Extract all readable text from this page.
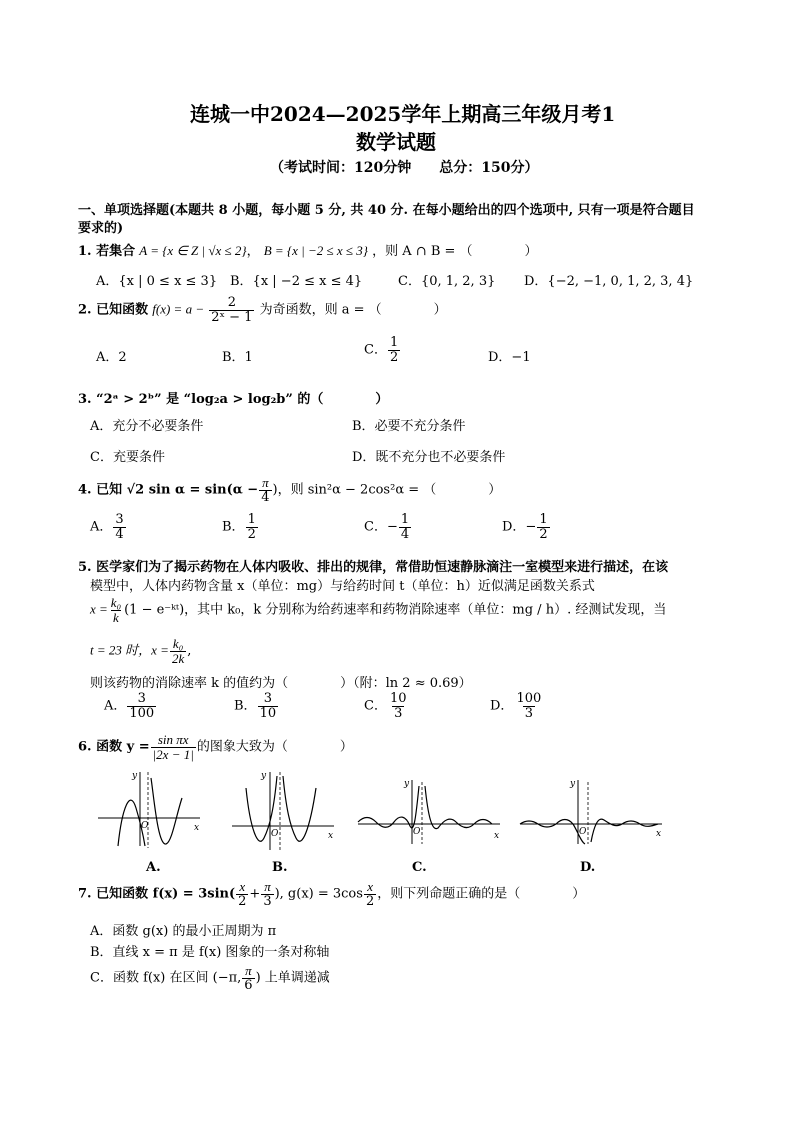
连城一中2024—2025学年上期高三年级月考1
数学试题
（考试时间：120分钟　　总分：150分）
一、单项选择题(本题共 8 小题，每小题 5 分, 共 40 分. 在每小题给出的四个选项中, 只有一项是符合题目
要求的)
1. 若集合 A = {x ∈ Z | √x ≤ 2}， B = {x | −2 ≤ x ≤ 3} ，则 A ∩ B = （　　　　）
A．{x | 0 ≤ x ≤ 3} B．{x | −2 ≤ x ≤ 4}	C．{0, 1, 2, 3} D．{−2, −1, 0, 1, 2, 3, 4}
2. 已知函数 $f(x) = a - \frac{2}{\text{2ˣ − 1}}$ 为奇函数，则 a = （　　　　）
A．2	B．1	C． $\frac{1}{2}$	D．−1
3. “2ᵃ > 2ᵇ” 是 “log₂a > log₂b” 的（　　　　）
A．充分不必要条件	B．必要不充分条件
C．充要条件	D．既不充分也不必要条件
4. 已知 √2 $\sin \alpha = \sin(\alpha - \frac{\pi}{4}$ )，则 sin²α − 2cos²α = （　　　　）
A． $\frac{3}{4}$	B． $\frac{1}{2}$	C．− $\frac{1}{4}$	D．− $\frac{1}{2}$
5. 医学家们为了揭示药物在人体内吸收、排出的规律，常借助恒速静脉滴注一室模型来进行描述，在该
模型中，人体内药物含量 x（单位：mg）与给药时间 t（单位：h）近似满足函数关系式
$x = \frac{\text{k₀}}{k} (1$ − e⁻ᵏᵗ)，其中 k₀，k 分别称为给药速率和药物消除速率（单位：mg / h）. 经测试发现，当
t = 23 时，$x = \frac{\text{k₀}}{2k}$ ,
则该药物的消除速率 k 的值约为（　　　　）（附：ln 2 ≈ 0.69）
A． $\frac{3}{100}$	B． $\frac{3}{10}$	C． $\frac{10}{3}$	D． $\frac{100}{3}$
6. 函数 $y = \frac{\text{sin πx}}{|2x - 1|}$ 的图象大致为（　　　　）
y
x
O
A.
y
x
O
B.
y
x
O
C.
y
x
O
D.
7. 已知函数 $f(x) = 3\sin( \frac{x}{2} + \frac{\pi}{3}$ ), $g(x) = 3\cos \frac{x}{2}$ ，则下列命题正确的是（　　　　）
A．函数 g(x) 的最小正周期为 π
B．直线 x = π 是 f(x) 图象的一条对称轴
C．函数 f(x) 在区间 (−π, $\frac{\pi}{6}$ ) 上单调递减
